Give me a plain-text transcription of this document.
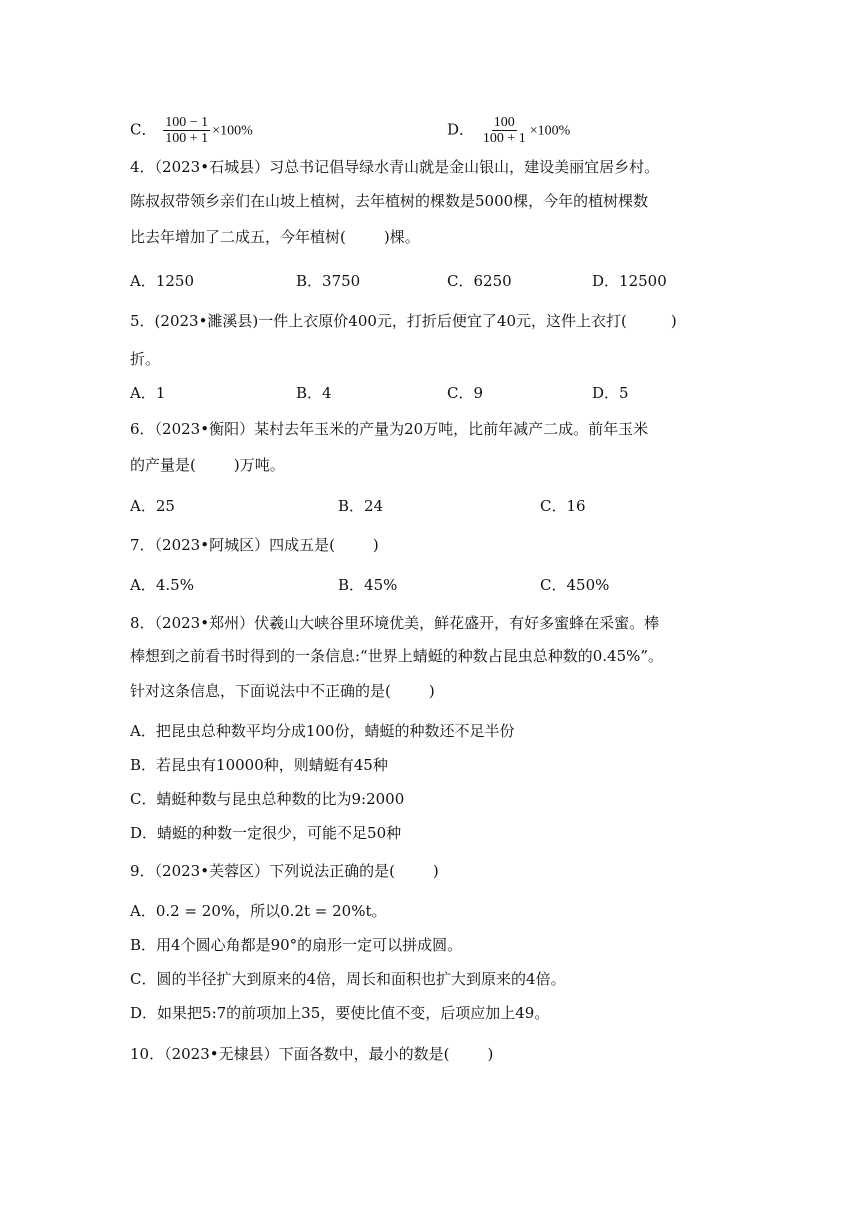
C． $\frac{100 - 1}{100 + 1} \times 100\%$	D． $\frac{100}{100 + 1} \times 100\%$
4．（2023•石城县）习总书记倡导绿水青山就是金山银山，建设美丽宜居乡村。
陈叔叔带领乡亲们在山坡上植树，去年植树的棵数是5000棵，今年的植树棵数
比去年增加了二成五，今年植树(	)棵。
A．1250	B．3750	C．6250	D．12500
5．(2023•濉溪县)一件上衣原价400元，打折后便宜了40元，这件上衣打(	)
折。
A．1	B．4	C．9	D．5
6．（2023•衡阳）某村去年玉米的产量为20万吨，比前年减产二成。前年玉米
的产量是(	)万吨。
A．25	B．24	C．16
7．（2023•阿城区）四成五是(	)
A．4.5%	B．45%	C．450%
8．（2023•郑州）伏羲山大峡谷里环境优美，鲜花盛开，有好多蜜蜂在采蜜。棒
棒想到之前看书时得到的一条信息:“世界上蜻蜓的种数占昆虫总种数的0.45%”。
针对这条信息，下面说法中不正确的是(	)
A．把昆虫总种数平均分成100份，蜻蜓的种数还不足半份
B．若昆虫有10000种，则蜻蜓有45种
C．蜻蜓种数与昆虫总种数的比为9:2000
D．蜻蜓的种数一定很少，可能不足50种
9．（2023•芙蓉区）下列说法正确的是(	)
A．0.2 = 20%，所以0.2t = 20%t。
B．用4个圆心角都是90°的扇形一定可以拼成圆。
C．圆的半径扩大到原来的4倍，周长和面积也扩大到原来的4倍。
D．如果把5:7的前项加上35，要使比值不变，后项应加上49。
10．（2023•无棣县）下面各数中，最小的数是(	)
